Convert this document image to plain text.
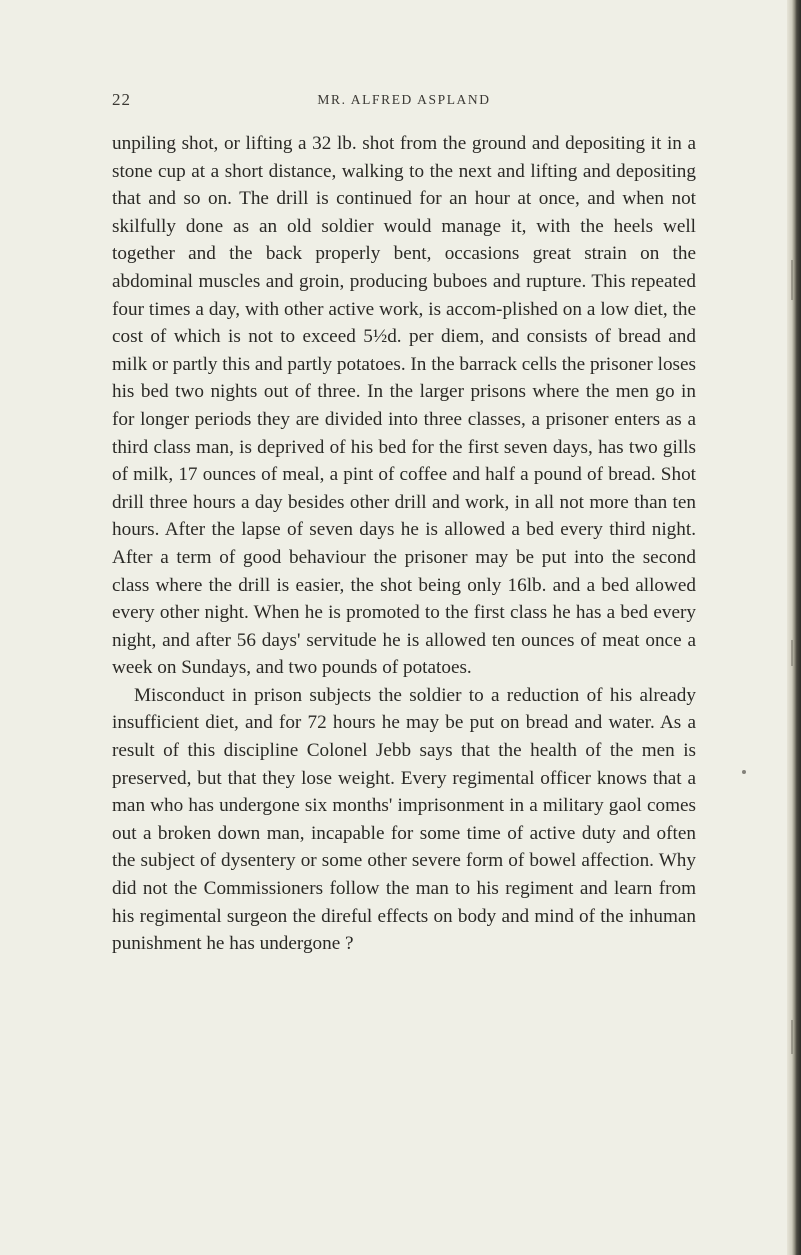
22	MR. ALFRED ASPLAND

unpiling shot, or lifting a 32 lb. shot from the ground and depositing it in a stone cup at a short distance, walking to the next and lifting and depositing that and so on. The drill is continued for an hour at once, and when not skilfully done as an old soldier would manage it, with the heels well together and the back properly bent, occasions great strain on the abdominal muscles and groin, producing buboes and rupture. This repeated four times a day, with other active work, is accom-plished on a low diet, the cost of which is not to exceed 5½d. per diem, and consists of bread and milk or partly this and partly potatoes. In the barrack cells the prisoner loses his bed two nights out of three. In the larger prisons where the men go in for longer periods they are divided into three classes, a prisoner enters as a third class man, is deprived of his bed for the first seven days, has two gills of milk, 17 ounces of meal, a pint of coffee and half a pound of bread. Shot drill three hours a day besides other drill and work, in all not more than ten hours. After the lapse of seven days he is allowed a bed every third night. After a term of good behaviour the prisoner may be put into the second class where the drill is easier, the shot being only 16lb. and a bed allowed every other night. When he is promoted to the first class he has a bed every night, and after 56 days' servitude he is allowed ten ounces of meat once a week on Sundays, and two pounds of potatoes.

Misconduct in prison subjects the soldier to a reduction of his already insufficient diet, and for 72 hours he may be put on bread and water. As a result of this discipline Colonel Jebb says that the health of the men is preserved, but that they lose weight. Every regimental officer knows that a man who has undergone six months' imprisonment in a military gaol comes out a broken down man, incapable for some time of active duty and often the subject of dysentery or some other severe form of bowel affection. Why did not the Commissioners follow the man to his regiment and learn from his regimental surgeon the direful effects on body and mind of the inhuman punishment he has undergone ?
